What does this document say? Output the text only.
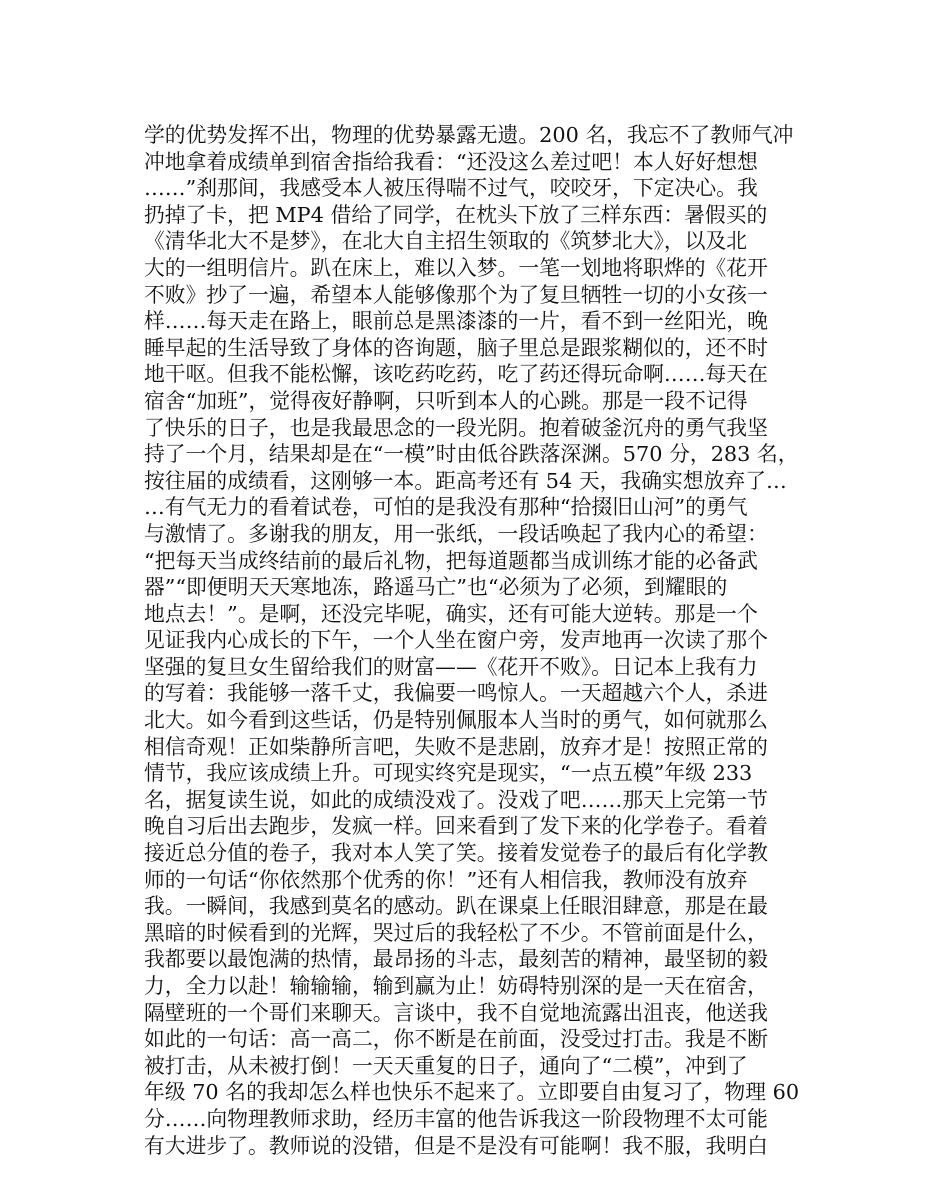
学的优势发挥不出，物理的优势暴露无遗。200 名，我忘不了教师气冲
冲地拿着成绩单到宿舍指给我看：“还没这么差过吧！本人好好想想
……”刹那间，我感受本人被压得喘不过气，咬咬牙，下定决心。我
扔掉了卡，把 MP4 借给了同学，在枕头下放了三样东西：暑假买的
《清华北大不是梦》，在北大自主招生领取的《筑梦北大》，以及北
大的一组明信片。趴在床上，难以入梦。一笔一划地将职烨的《花开
不败》抄了一遍，希望本人能够像那个为了复旦牺牲一切的小女孩一
样……每天走在路上，眼前总是黑漆漆的一片，看不到一丝阳光，晚
睡早起的生活导致了身体的咨询题，脑子里总是跟浆糊似的，还不时
地干呕。但我不能松懈，该吃药吃药，吃了药还得玩命啊……每天在
宿舍“加班”，觉得夜好静啊，只听到本人的心跳。那是一段不记得
了快乐的日子，也是我最思念的一段光阴。抱着破釜沉舟的勇气我坚
持了一个月，结果却是在“一模”时由低谷跌落深渊。570 分，283 名，
按往届的成绩看，这刚够一本。距高考还有 54 天，我确实想放弃了…
…有气无力的看着试卷，可怕的是我没有那种“拾掇旧山河”的勇气
与激情了。多谢我的朋友，用一张纸，一段话唤起了我内心的希望：
“把每天当成终结前的最后礼物，把每道题都当成训练才能的必备武
器”“即便明天天寒地冻，路遥马亡”也“必须为了必须，到耀眼的
地点去！”。是啊，还没完毕呢，确实，还有可能大逆转。那是一个
见证我内心成长的下午，一个人坐在窗户旁，发声地再一次读了那个
坚强的复旦女生留给我们的财富——《花开不败》。日记本上我有力
的写着：我能够一落千丈，我偏要一鸣惊人。一天超越六个人，杀进
北大。如今看到这些话，仍是特别佩服本人当时的勇气，如何就那么
相信奇观！正如柴静所言吧，失败不是悲剧，放弃才是！按照正常的
情节，我应该成绩上升。可现实终究是现实，“一点五模”年级 233
名，据复读生说，如此的成绩没戏了。没戏了吧……那天上完第一节
晚自习后出去跑步，发疯一样。回来看到了发下来的化学卷子。看着
接近总分值的卷子，我对本人笑了笑。接着发觉卷子的最后有化学教
师的一句话“你依然那个优秀的你！”还有人相信我，教师没有放弃
我。一瞬间，我感到莫名的感动。趴在课桌上任眼泪肆意，那是在最
黑暗的时候看到的光辉，哭过后的我轻松了不少。不管前面是什么，
我都要以最饱满的热情，最昂扬的斗志，最刻苦的精神，最坚韧的毅
力，全力以赴！输输输，输到赢为止！妨碍特别深的是一天在宿舍，
隔壁班的一个哥们来聊天。言谈中，我不自觉地流露出沮丧，他送我
如此的一句话：高一高二，你不断是在前面，没受过打击。我是不断
被打击，从未被打倒！一天天重复的日子，通向了“二模”，冲到了
年级 70 名的我却怎么样也快乐不起来了。立即要自由复习了，物理 60
分……向物理教师求助，经历丰富的他告诉我这一阶段物理不太可能
有大进步了。教师说的没错，但是不是没有可能啊！我不服，我明白
